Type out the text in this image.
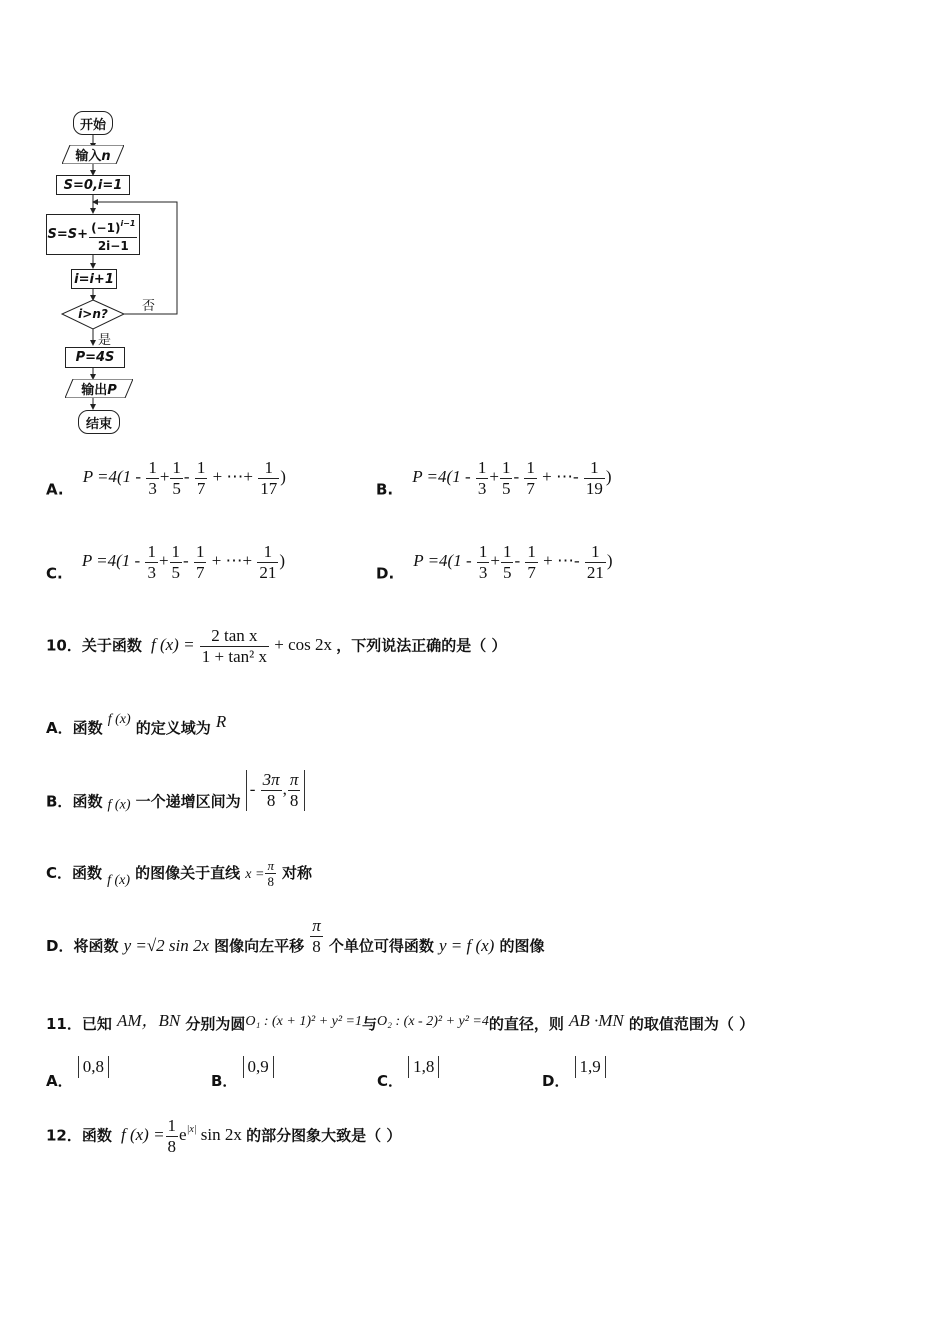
开始
输入n
S=0,i=1
$S=S+ \frac{(-1)^{i-1}}{2i-1}$
i=i+1
i>n?	否
是
P=4S
输出P
结束
A. $P =4(1 - \frac{1}{3} + \frac{1}{5} - \frac{1}{7}$ + ⋯+ $\frac{1}{17}$ )
B. $P =4(1 - \frac{1}{3} + \frac{1}{5} - \frac{1}{7}$ + ⋯- $\frac{1}{19}$ )
C. $P =4(1 - \frac{1}{3} + \frac{1}{5} - \frac{1}{7}$ + ⋯+ $\frac{1}{21}$ )
D. $P =4(1 - \frac{1}{3} + \frac{1}{5} - \frac{1}{7}$ + ⋯- $\frac{1}{21}$ )
10．关于函数 f $(x) = \frac{\text{2 tan x}}{\text{1 + tan² x}} + \cos 2x$ ，下列说法正确的是（ ）
A．函数 f (x) 的定义域为 R
B．函数 f (x) 一个递增区间为 - $\frac{3\pi}{8}$ , $\frac{\pi}{8}$
C．函数 f (x) 的图像关于直线 $x = \frac{\pi}{8}$ 对称
D．将函数 y =√2 sin 2x 图像向左平移 $\frac{\pi}{8}$ 个单位可得函数 y = f (x) 的图像
11．已知 AM，BN 分别为圆O₁ : (x + 1)² + y² =1与O₂ : (x - 2)² + y² =4的直径，则 AB ·MN 的取值范围为（ ）
A． 0,8
B． 0,9
C． 1,8
D． 1,9
12．函数 f $(x) = \frac{1}{8} e^{|x|}$ sin 2x 的部分图象大致是（ ）
